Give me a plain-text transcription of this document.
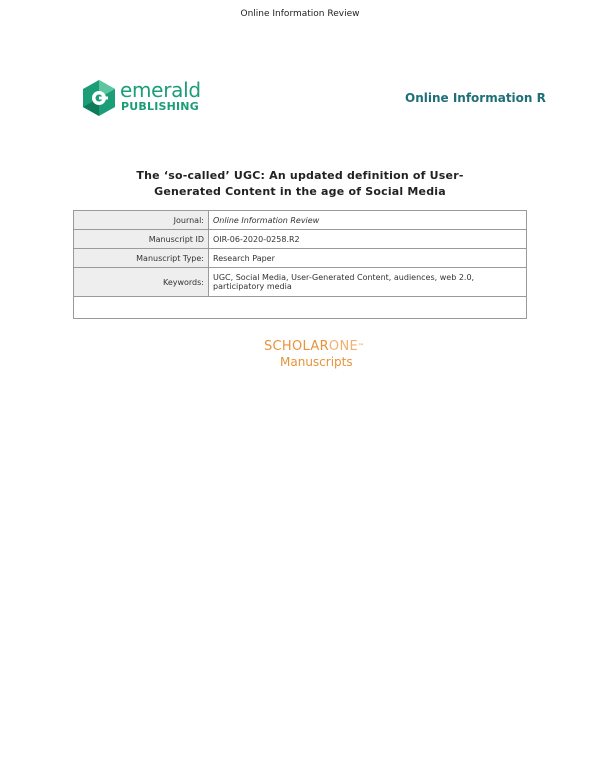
Online Information Review
emerald
PUBLISHING
Online Information R
The ‘so-called’ UGC: An updated definition of User-
Generated Content in the age of Social Media
Journal:	Online Information Review
Manuscript ID	OIR-06-2020-0258.R2
Manuscript Type:	Research Paper
Keywords:	UGC, Social Media, User-Generated Content, audiences, web 2.0,
participatory media

SCHOLARONE™
Manuscripts
